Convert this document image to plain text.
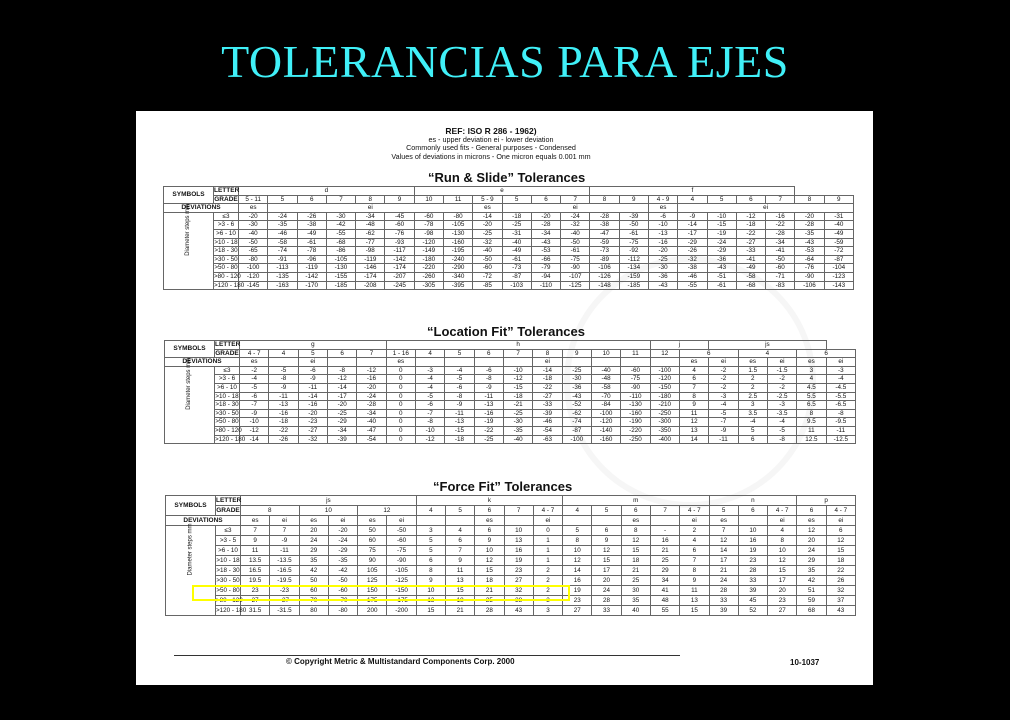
TOLERANCIAS PARA EJES
REF: ISO R 286 - 1962)
es - upper deviation ei - lower deviation
Commonly used fits - General purposes - Condensed
Values of deviations in microns - One micron equals 0.001 mm
“Run & Slide” Tolerances
SYMBOLS	LETTER	d						e						f								
	GRADE	5 - 11	5	6	7	8	9	10	11	5 - 9	5	6	7	8	9	4 - 9	4	5	6	7	8	9
DEVIATIONS		es	ei							es	ei					es	ei					

Diameter steps mm	≤3	-20	-24	-26	-30	-34	-45	-60	-80	-14	-18	-20	-24	-28	-39	-6	-9	-10	-12	-16	-20	-31
	>3 - 6	-30	-35	-38	-42	-48	-60	-78	-105	-20	-25	-28	-32	-38	-50	-10	-14	-15	-18	-22	-28	-40
	>6 - 10	-40	-46	-49	-55	-62	-76	-98	-130	-25	-31	-34	-40	-47	-61	-13	-17	-19	-22	-28	-35	-49
	>10 - 18	-50	-58	-61	-68	-77	-93	-120	-160	-32	-40	-43	-50	-59	-75	-16	-29	-24	-27	-34	-43	-59
	>18 - 30	-65	-74	-78	-86	-98	-117	-149	-195	-40	-49	-53	-61	-73	-92	-20	-26	-29	-33	-41	-53	-72
	>30 - 50	-80	-91	-96	-105	-119	-142	-180	-240	-50	-61	-66	-75	-89	-112	-25	-32	-36	-41	-50	-64	-87
	>50 - 80	-100	-113	-119	-130	-146	-174	-220	-290	-60	-73	-79	-90	-106	-134	-30	-38	-43	-49	-60	-76	-104
	>80 - 120	-120	-135	-142	-155	-174	-207	-260	-340	-72	-87	-94	-107	-126	-159	-36	-46	-51	-58	-71	-90	-123
	>120 - 180	-145	-163	-170	-185	-208	-245	-305	-395	-85	-103	-110	-125	-148	-185	-43	-55	-61	-68	-83	-106	-143
“Location Fit” Tolerances
SYMBOLS	LETTER	g					h									j		js				
	GRADE	4 - 7	4	5	6	7	1 - 16	4	5	6	7	8	9	10	11	12	6		4		6	
DEVIATIONS		es		ei			es					ei					es	ei	es	ei	es	ei

Diameter steps mm	≤3	-2	-5	-6	-8	-12	0	-3	-4	-6	-10	-14	-25	-40	-60	-100	4	-2	1.5	-1.5	3	-3
	>3 - 6	-4	-8	-9	-12	-16	0	-4	-5	-8	-12	-18	-30	-48	-75	-120	6	-2	2	-2	4	-4
	>6 - 10	-5	-9	-11	-14	-20	0	-4	-6	-9	-15	-22	-36	-58	-90	-150	7	-2	2	-2	4.5	-4.5
	>10 - 18	-6	-11	-14	-17	-24	0	-5	-8	-11	-18	-27	-43	-70	-110	-180	8	-3	2.5	-2.5	5.5	-5.5
	>18 - 30	-7	-13	-16	-20	-28	0	-6	-9	-13	-21	-33	-52	-84	-130	-210	9	-4	3	-3	6.5	-6.5
	>30 - 50	-9	-16	-20	-25	-34	0	-7	-11	-16	-25	-39	-62	-100	-160	-250	11	-5	3.5	-3.5	8	-8
	>50 - 80	-10	-18	-23	-29	-40	0	-8	-13	-19	-30	-46	-74	-120	-190	-300	12	-7	-4	-4	9.5	-9.5
	>80 - 120	-12	-22	-27	-34	-47	0	-10	-15	-22	-35	-54	-87	-140	-220	-350	13	-9	5	-5	11	-11
	>120 - 180	-14	-26	-32	-39	-54	0	-12	-18	-25	-40	-63	-100	-160	-250	-400	14	-11	6	-8	12.5	-12.5
“Force Fit” Tolerances
SYMBOLS	LETTER	js						k					m					n			p	
	GRADE	8		10		12		4	5	6	7	4 - 7	4	5	6	7	4 - 7	5	6	4 - 7	6	4 - 7
DEVIATIONS		es	ei	es	ei	es	ei			es		ei			es		ei	es		ei	es	ei

Diameter steps mm	≤3	7	7	20	-20	50	-50	3	4	6	10	0	5	6	8	-	2	7	10	4	12	6
	>3 - 5	9	-9	24	-24	60	-60	5	6	9	13	1	8	9	12	16	4	12	16	8	20	12
	>6 - 10	11	-11	29	-29	75	-75	5	7	10	16	1	10	12	15	21	6	14	19	10	24	15
	>10 - 18	13.5	-13.5	35	-35	90	-90	6	9	12	19	1	12	15	18	25	7	17	23	12	29	18
	>18 - 30	16.5	-16.5	42	-42	105	-105	8	11	15	23	2	14	17	21	29	8	21	28	15	35	22
	>30 - 50	19.5	-19.5	50	-50	125	-125	9	13	18	27	2	16	20	25	34	9	24	33	17	42	26
	>50 - 80	23	-23	60	-60	150	-150	10	15	21	32	2	19	24	30	41	11	28	39	20	51	32
	>80 - 120	27	-27	70	-70	175	-175	13	18	25	38	3	23	28	35	48	13	33	45	23	59	37
	>120 - 180	31.5	-31.5	80	-80	200	-200	15	21	28	43	3	27	33	40	55	15	39	52	27	68	43
© Copyright Metric & Multistandard Components Corp. 2000	10-1037
